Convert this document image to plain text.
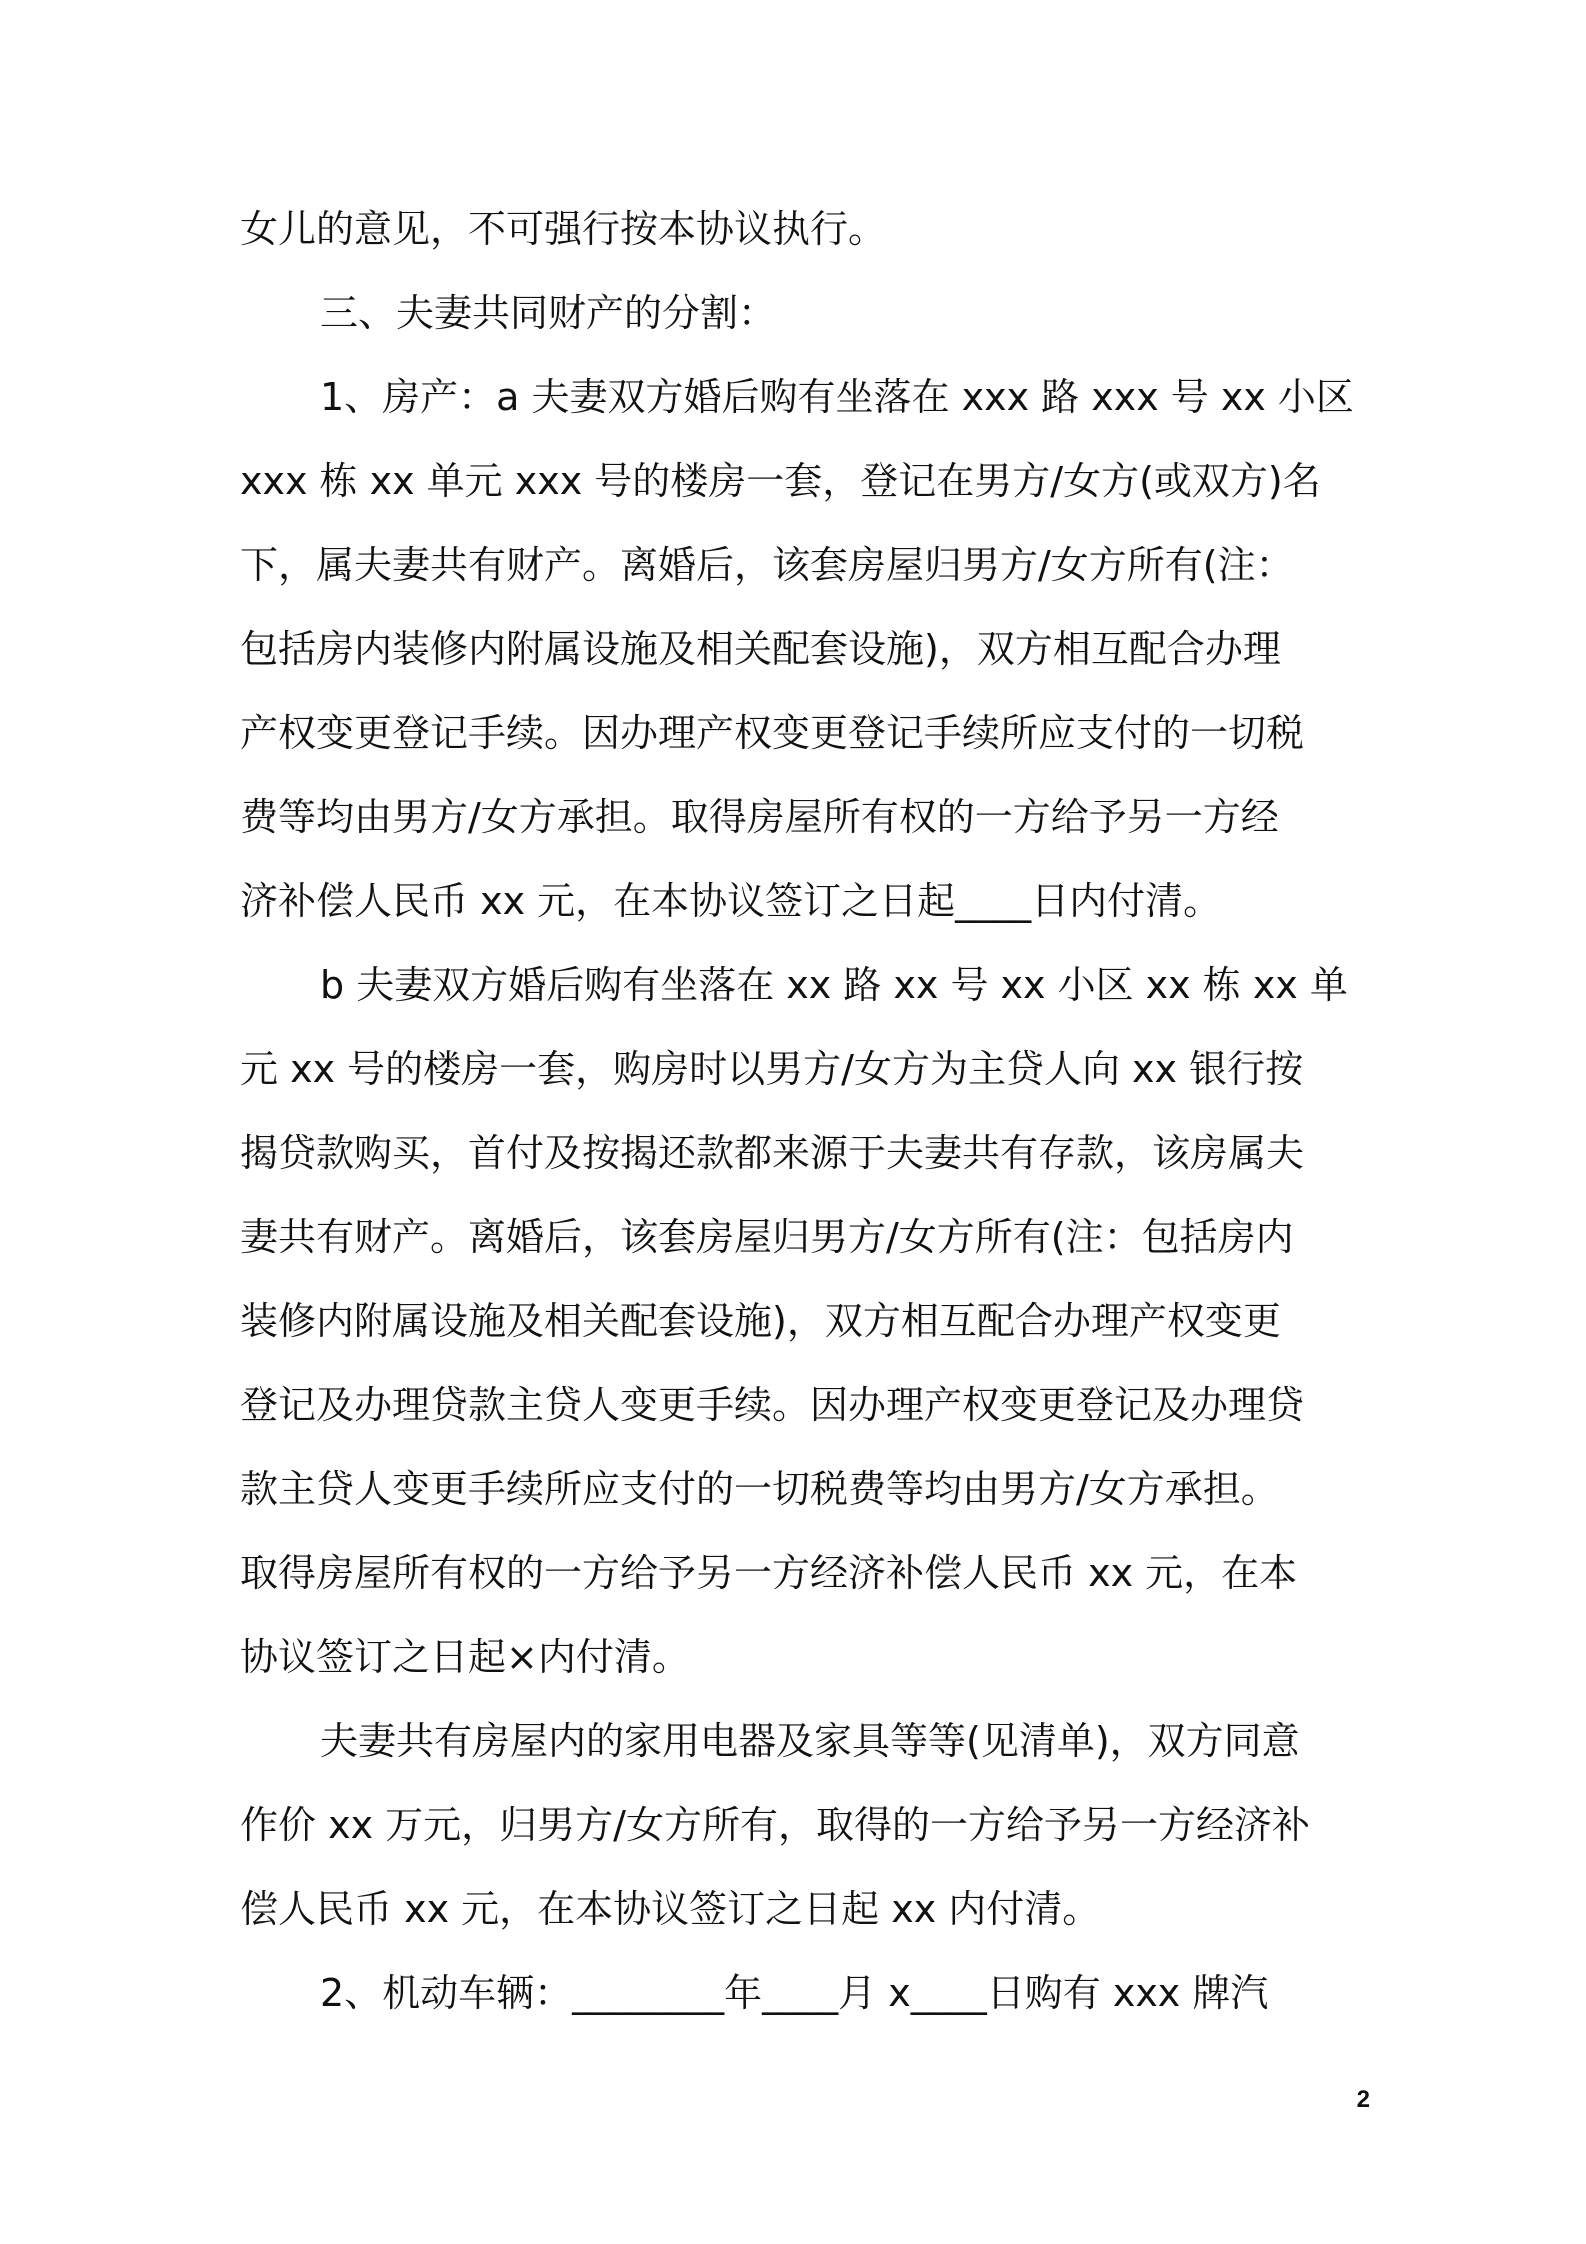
女儿的意见，不可强行按本协议执行。
三、夫妻共同财产的分割：
1、房产：a 夫妻双方婚后购有坐落在 xxx 路 xxx 号 xx 小区
xxx 栋 xx 单元 xxx 号的楼房一套，登记在男方/女方(或双方)名
下，属夫妻共有财产。离婚后，该套房屋归男方/女方所有(注：
包括房内装修内附属设施及相关配套设施)，双方相互配合办理
产权变更登记手续。因办理产权变更登记手续所应支付的一切税
费等均由男方/女方承担。取得房屋所有权的一方给予另一方经
济补偿人民币 xx 元，在本协议签订之日起____日内付清。
b 夫妻双方婚后购有坐落在 xx 路 xx 号 xx 小区 xx 栋 xx 单
元 xx 号的楼房一套，购房时以男方/女方为主贷人向 xx 银行按
揭贷款购买，首付及按揭还款都来源于夫妻共有存款，该房属夫
妻共有财产。离婚后，该套房屋归男方/女方所有(注：包括房内
装修内附属设施及相关配套设施)，双方相互配合办理产权变更
登记及办理贷款主贷人变更手续。因办理产权变更登记及办理贷
款主贷人变更手续所应支付的一切税费等均由男方/女方承担。
取得房屋所有权的一方给予另一方经济补偿人民币 xx 元，在本
协议签订之日起×内付清。
夫妻共有房屋内的家用电器及家具等等(见清单)，双方同意
作价 xx 万元，归男方/女方所有，取得的一方给予另一方经济补
偿人民币 xx 元，在本协议签订之日起 xx 内付清。
2、机动车辆：________年____月 x____日购有 xxx 牌汽
2
